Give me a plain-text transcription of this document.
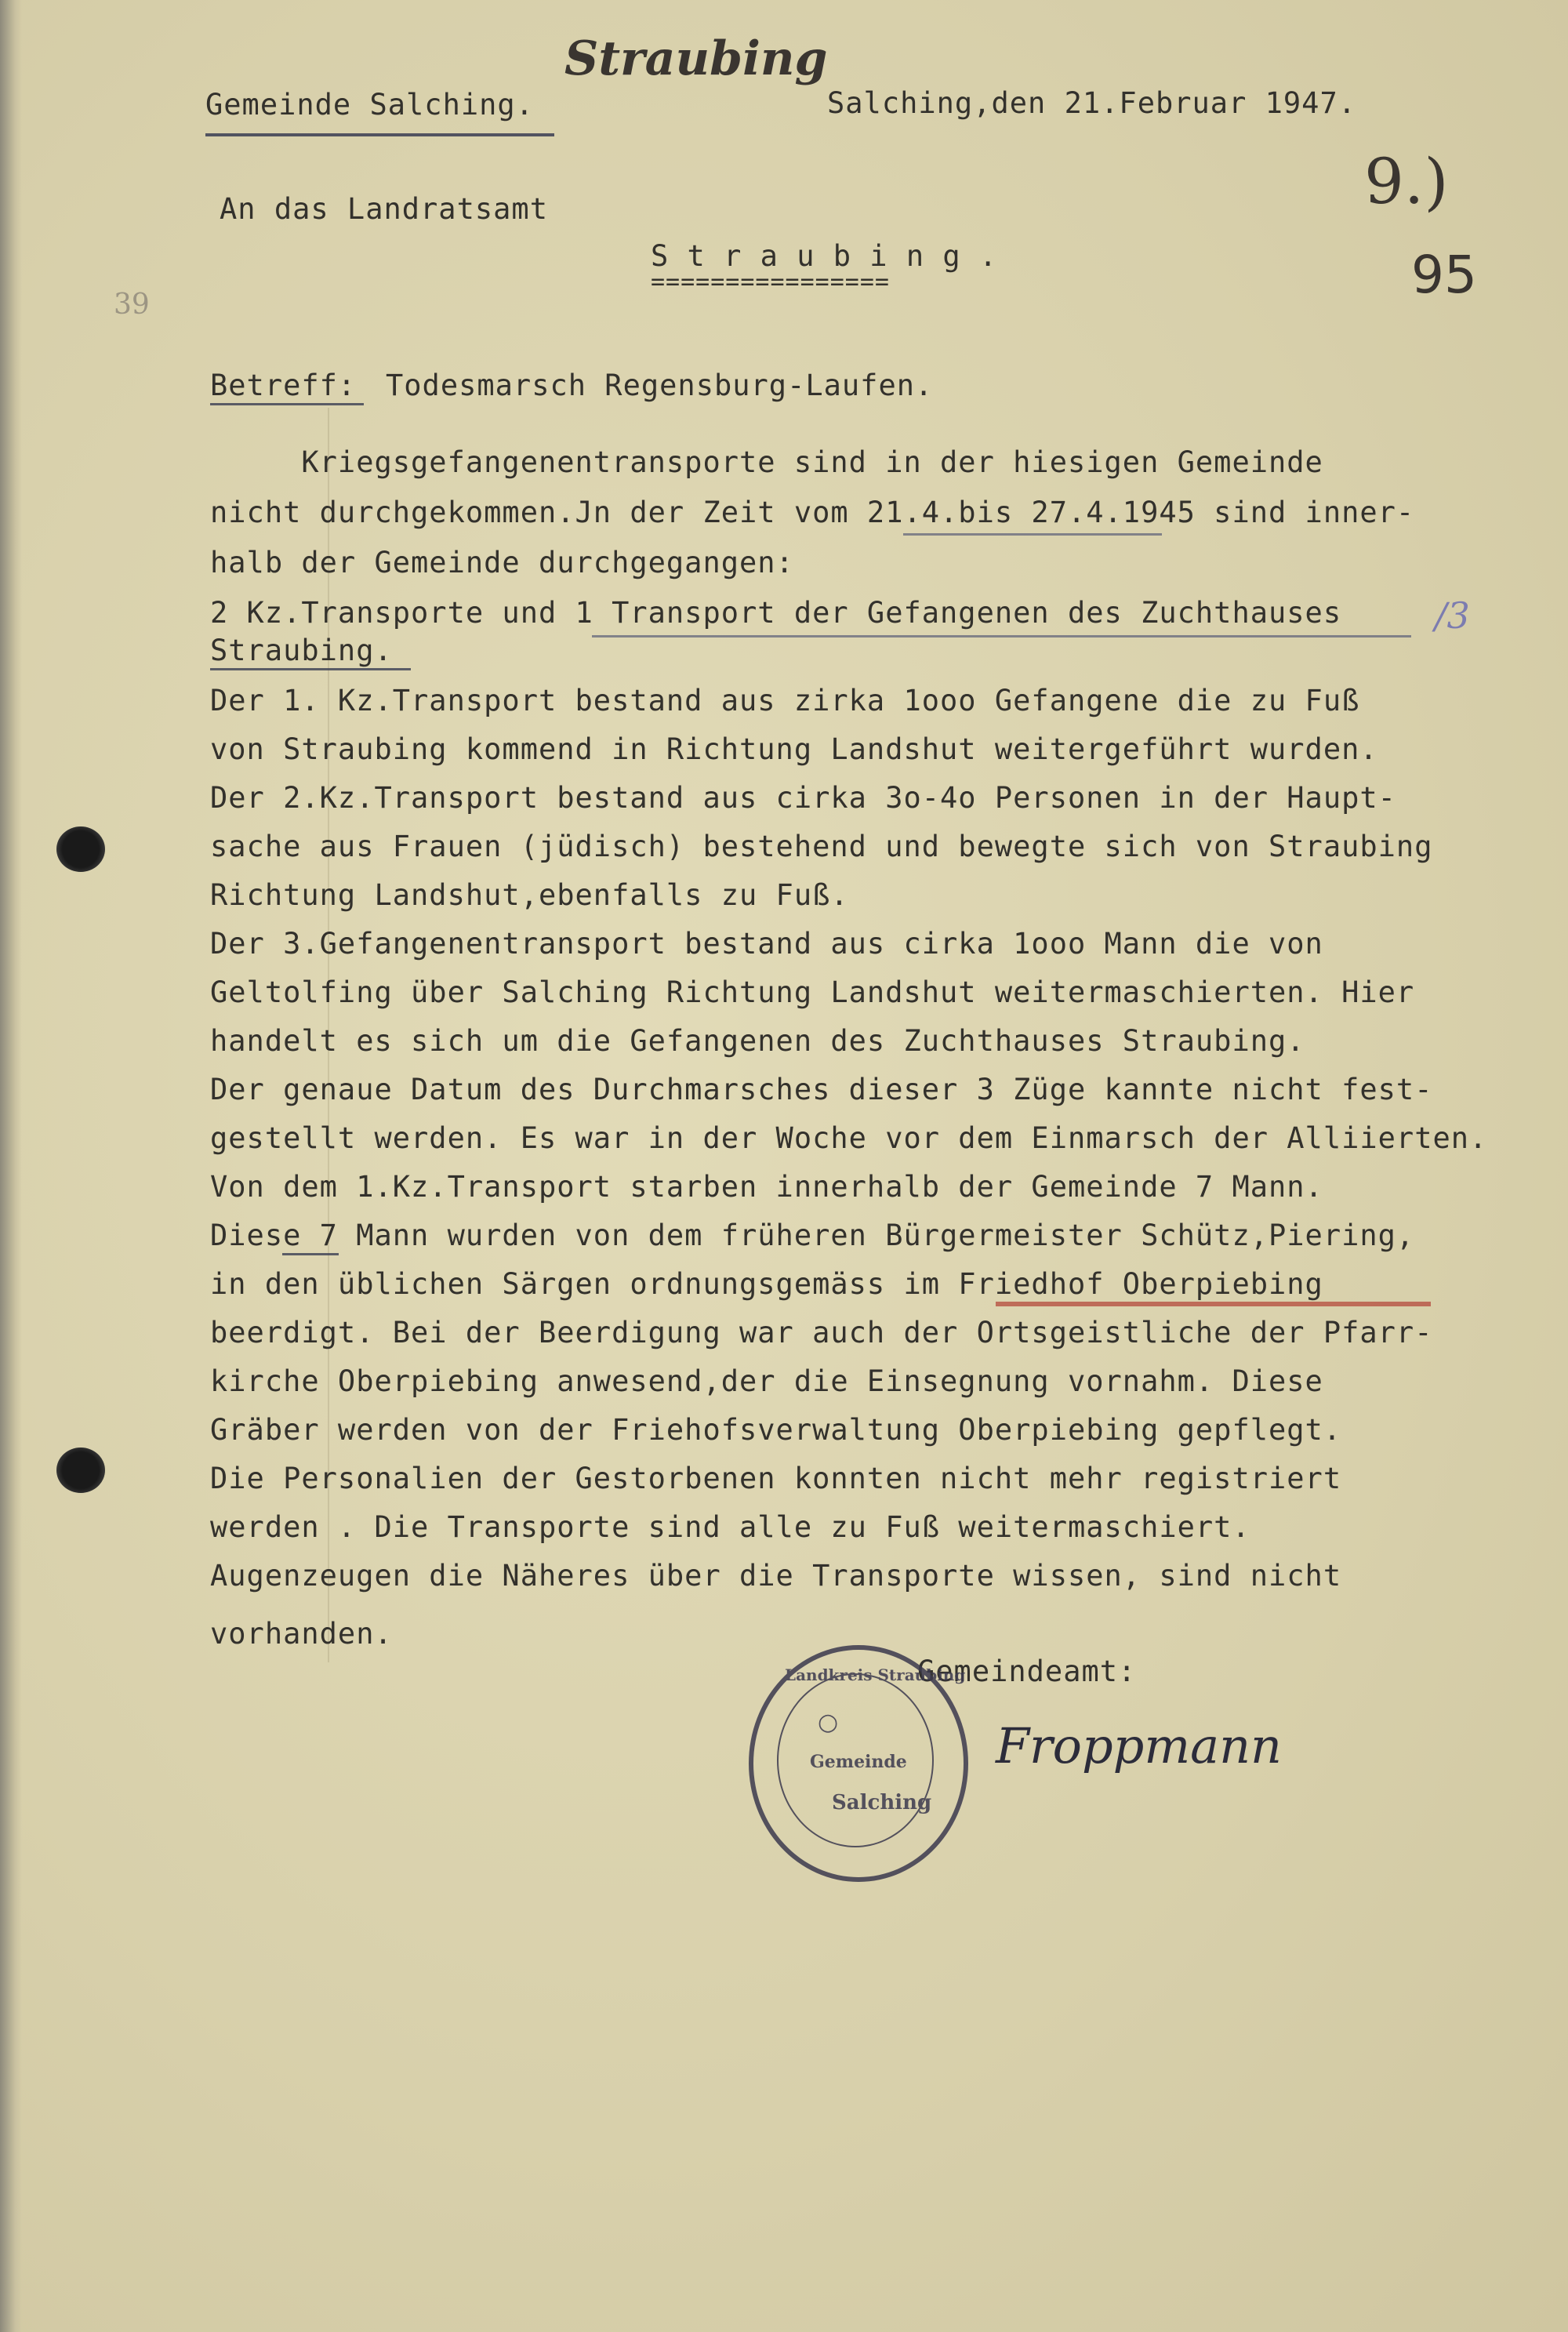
Straubing
Gemeinde Salching.	Salching,den 21.Februar 1947.
9.)
95
39
/3
An das Landratsamt
S t r a u b i n g .
================
Betreff: Todesmarsch Regensburg-Laufen.
Kriegsgefangenentransporte sind in der hiesigen Gemeinde
nicht durchgekommen.Jn der Zeit vom 21.4.bis 27.4.1945 sind inner-
halb der Gemeinde durchgegangen:
2 Kz.Transporte und 1 Transport der Gefangenen des Zuchthauses
Straubing.
Der 1. Kz.Transport bestand aus zirka 1ooo Gefangene die zu Fuß
von Straubing kommend in Richtung Landshut weitergeführt wurden.
Der 2.Kz.Transport bestand aus cirka 3o-4o Personen in der Haupt-
sache aus Frauen (jüdisch) bestehend und bewegte sich von Straubing
Richtung Landshut,ebenfalls zu Fuß.
Der 3.Gefangenentransport bestand aus cirka 1ooo Mann die von
Geltolfing über Salching Richtung Landshut weitermaschierten. Hier
handelt es sich um die Gefangenen des Zuchthauses Straubing.
Der genaue Datum des Durchmarsches dieser 3 Züge kannte nicht fest-
gestellt werden. Es war in der Woche vor dem Einmarsch der Alliierten.
Von dem 1.Kz.Transport starben innerhalb der Gemeinde 7 Mann.
Diese 7 Mann wurden von dem früheren Bürgermeister Schütz,Piering,
in den üblichen Särgen ordnungsgemäss im Friedhof Oberpiebing
beerdigt. Bei der Beerdigung war auch der Ortsgeistliche der Pfarr-
kirche Oberpiebing anwesend,der die Einsegnung vornahm. Diese
Gräber werden von der Friehofsverwaltung Oberpiebing gepflegt.
Die Personalien der Gestorbenen konnten nicht mehr registriert
werden . Die Transporte sind alle zu Fuß weitermaschiert.
Augenzeugen die Näheres über die Transporte wissen, sind nicht
vorhanden.
Gemeindeamt:
Landkreis Straubing
○
Gemeinde
Salching
Froppmann
